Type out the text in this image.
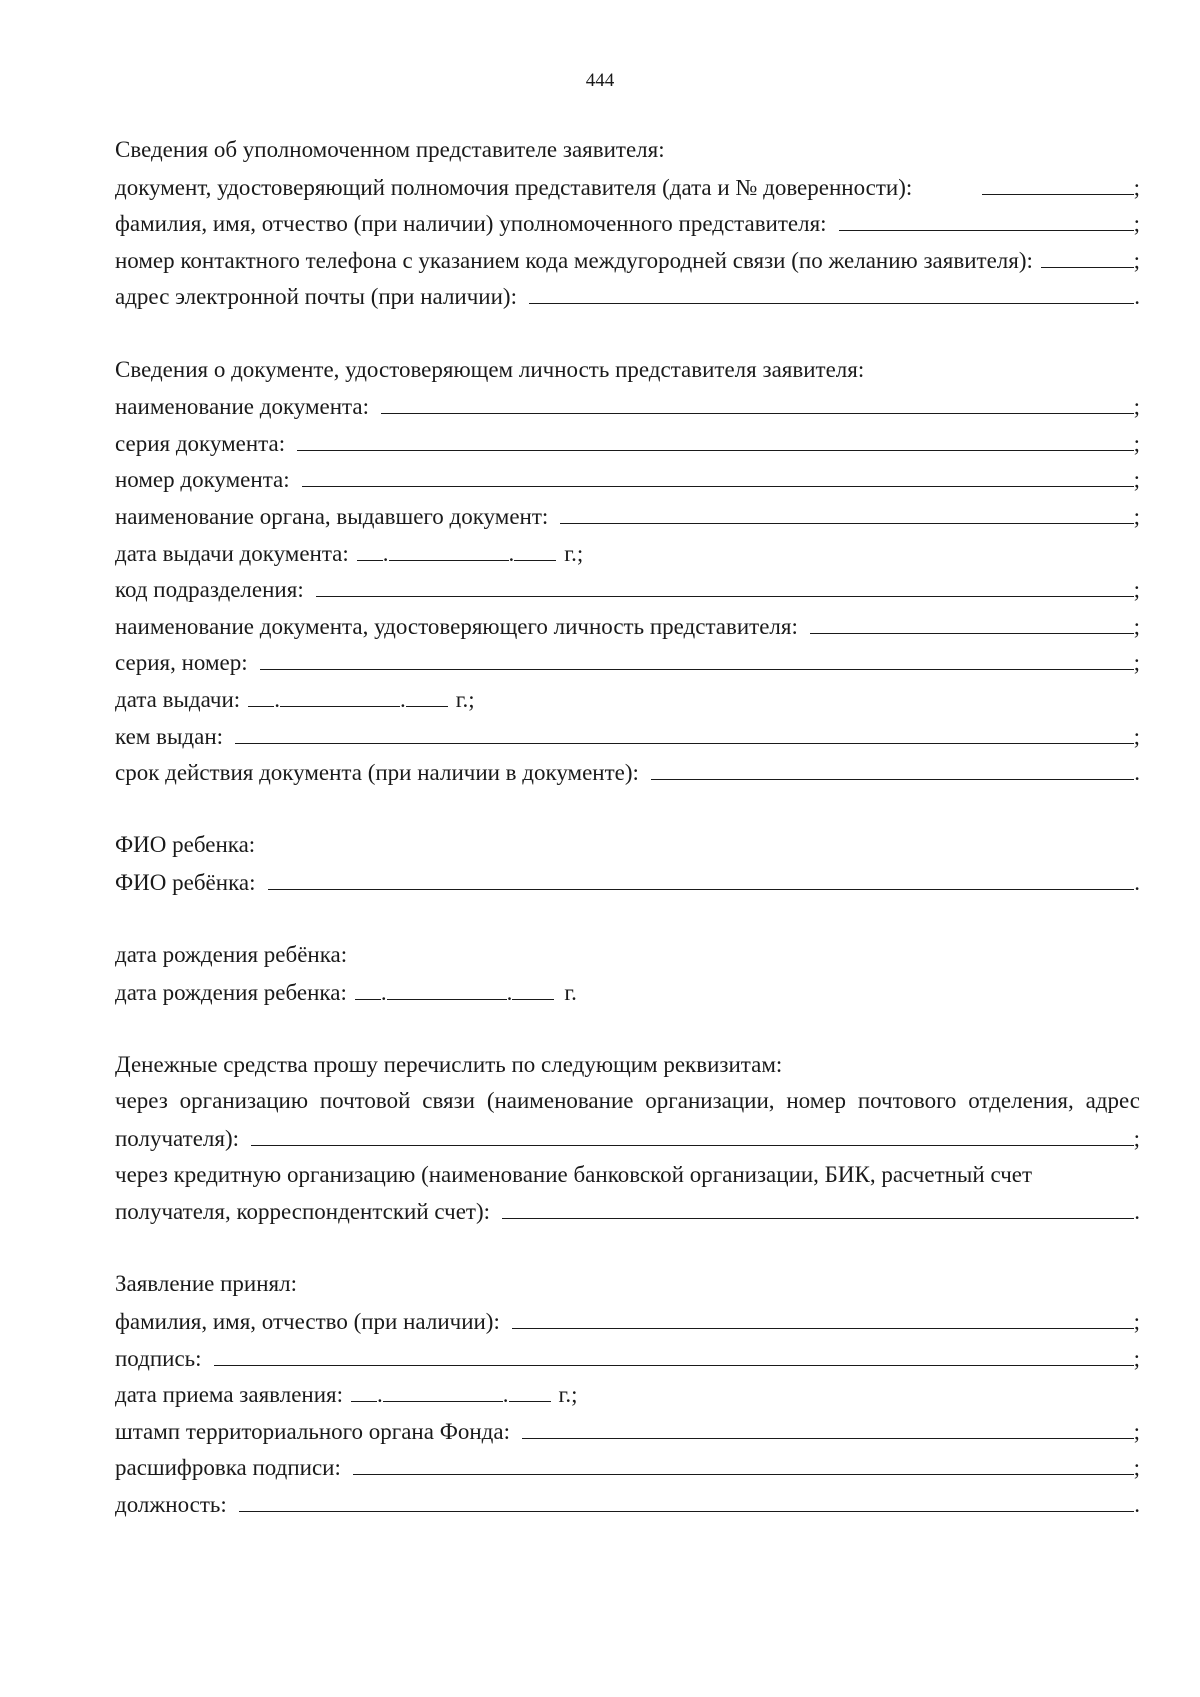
444
Сведения об уполномоченном представителе заявителя:
документ, удостоверяющий полномочия представителя (дата и № доверенности):	;
фамилия, имя, отчество (при наличии) уполномоченного представителя:	;
номер контактного телефона с указанием кода междугородней связи (по желанию заявителя):	;
адрес электронной почты (при наличии):	.
Сведения о документе, удостоверяющем личность представителя заявителя:
наименование документа:	;
серия документа:	;
номер документа:	;
наименование органа, выдавшего документ:	;
дата выдачи документа: .	. г.;
код подразделения:	;
наименование документа, удостоверяющего личность представителя:	;
серия, номер:	;
дата выдачи: .	. г.;
кем выдан:	;
срок действия документа (при наличии в документе):	.
ФИО ребенка:
ФИО ребёнка:	.
дата рождения ребёнка:
дата рождения ребенка: .	. г.
Денежные средства прошу перечислить по следующим реквизитам:
через организацию почтовой связи (наименование организации, номер почтового отделения, адрес
получателя):	;
через кредитную организацию (наименование банковской организации, БИК, расчетный счет
получателя, корреспондентский счет):	.
Заявление принял:
фамилия, имя, отчество (при наличии):	;
подпись:	;
дата приема заявления: .	. г.;
штамп территориального органа Фонда:	;
расшифровка подписи:	;
должность:	.
